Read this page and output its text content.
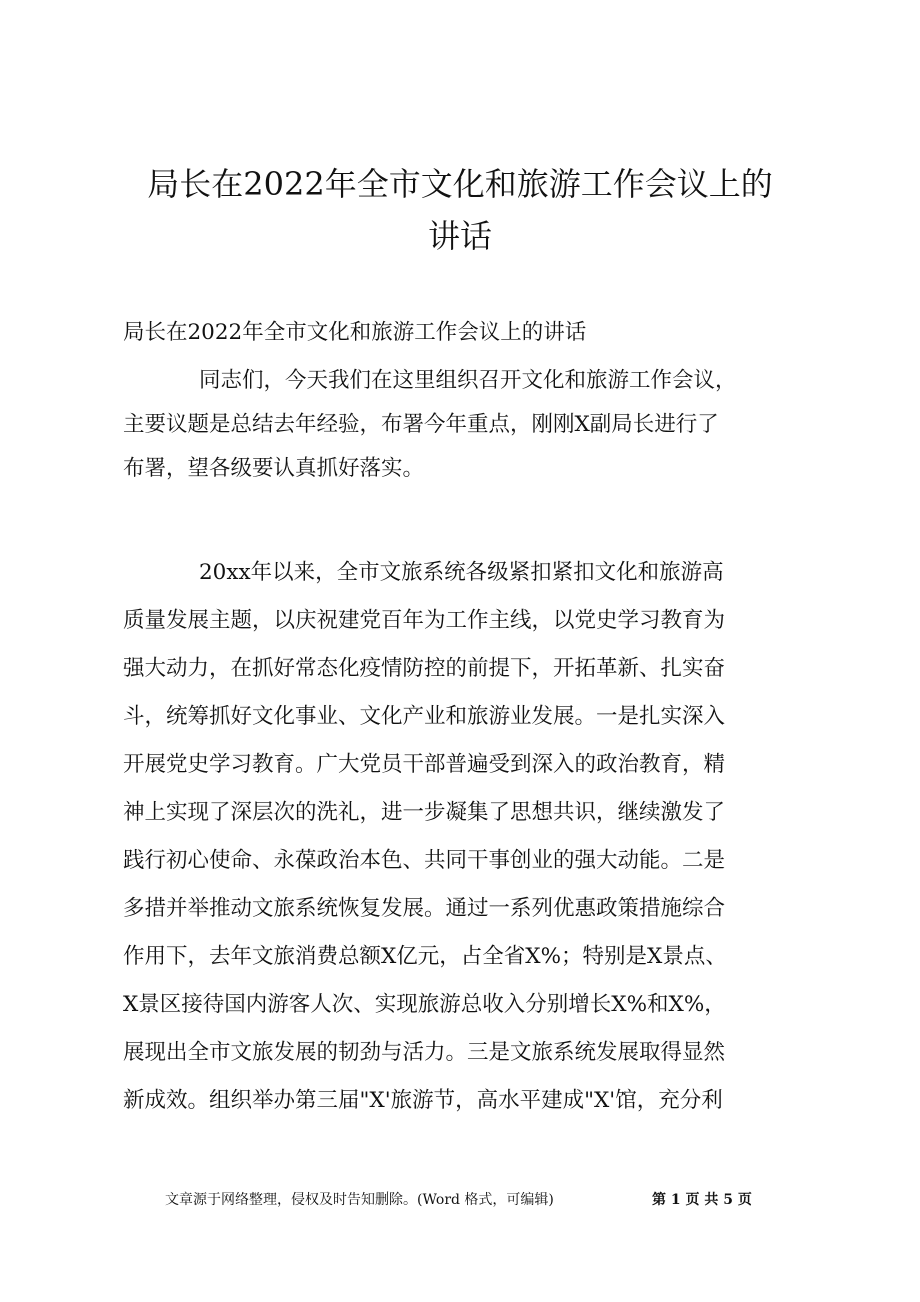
局长在2022年全市文化和旅游工作会议上的
讲话
局长在2022年全市文化和旅游工作会议上的讲话
同志们，今天我们在这里组织召开文化和旅游工作会议，
主要议题是总结去年经验，布署今年重点，刚刚X副局长进行了
布署，望各级要认真抓好落实。
20xx年以来，全市文旅系统各级紧扣紧扣文化和旅游高
质量发展主题，以庆祝建党百年为工作主线，以党史学习教育为
强大动力，在抓好常态化疫情防控的前提下，开拓革新、扎实奋
斗，统筹抓好文化事业、文化产业和旅游业发展。一是扎实深入
开展党史学习教育。广大党员干部普遍受到深入的政治教育，精
神上实现了深层次的洗礼，进一步凝集了思想共识，继续激发了
践行初心使命、永葆政治本色、共同干事创业的强大动能。二是
多措并举推动文旅系统恢复发展。通过一系列优惠政策措施综合
作用下，去年文旅消费总额X亿元，占全省X%；特别是X景点、
X景区接待国内游客人次、实现旅游总收入分别增长X%和X%，
展现出全市文旅发展的韧劲与活力。三是文旅系统发展取得显然
新成效。组织举办第三届"X'旅游节，高水平建成"X'馆，充分利
文章源于网络整理，侵权及时告知删除。(Word 格式，可编辑)	第 1 页 共 5 页
